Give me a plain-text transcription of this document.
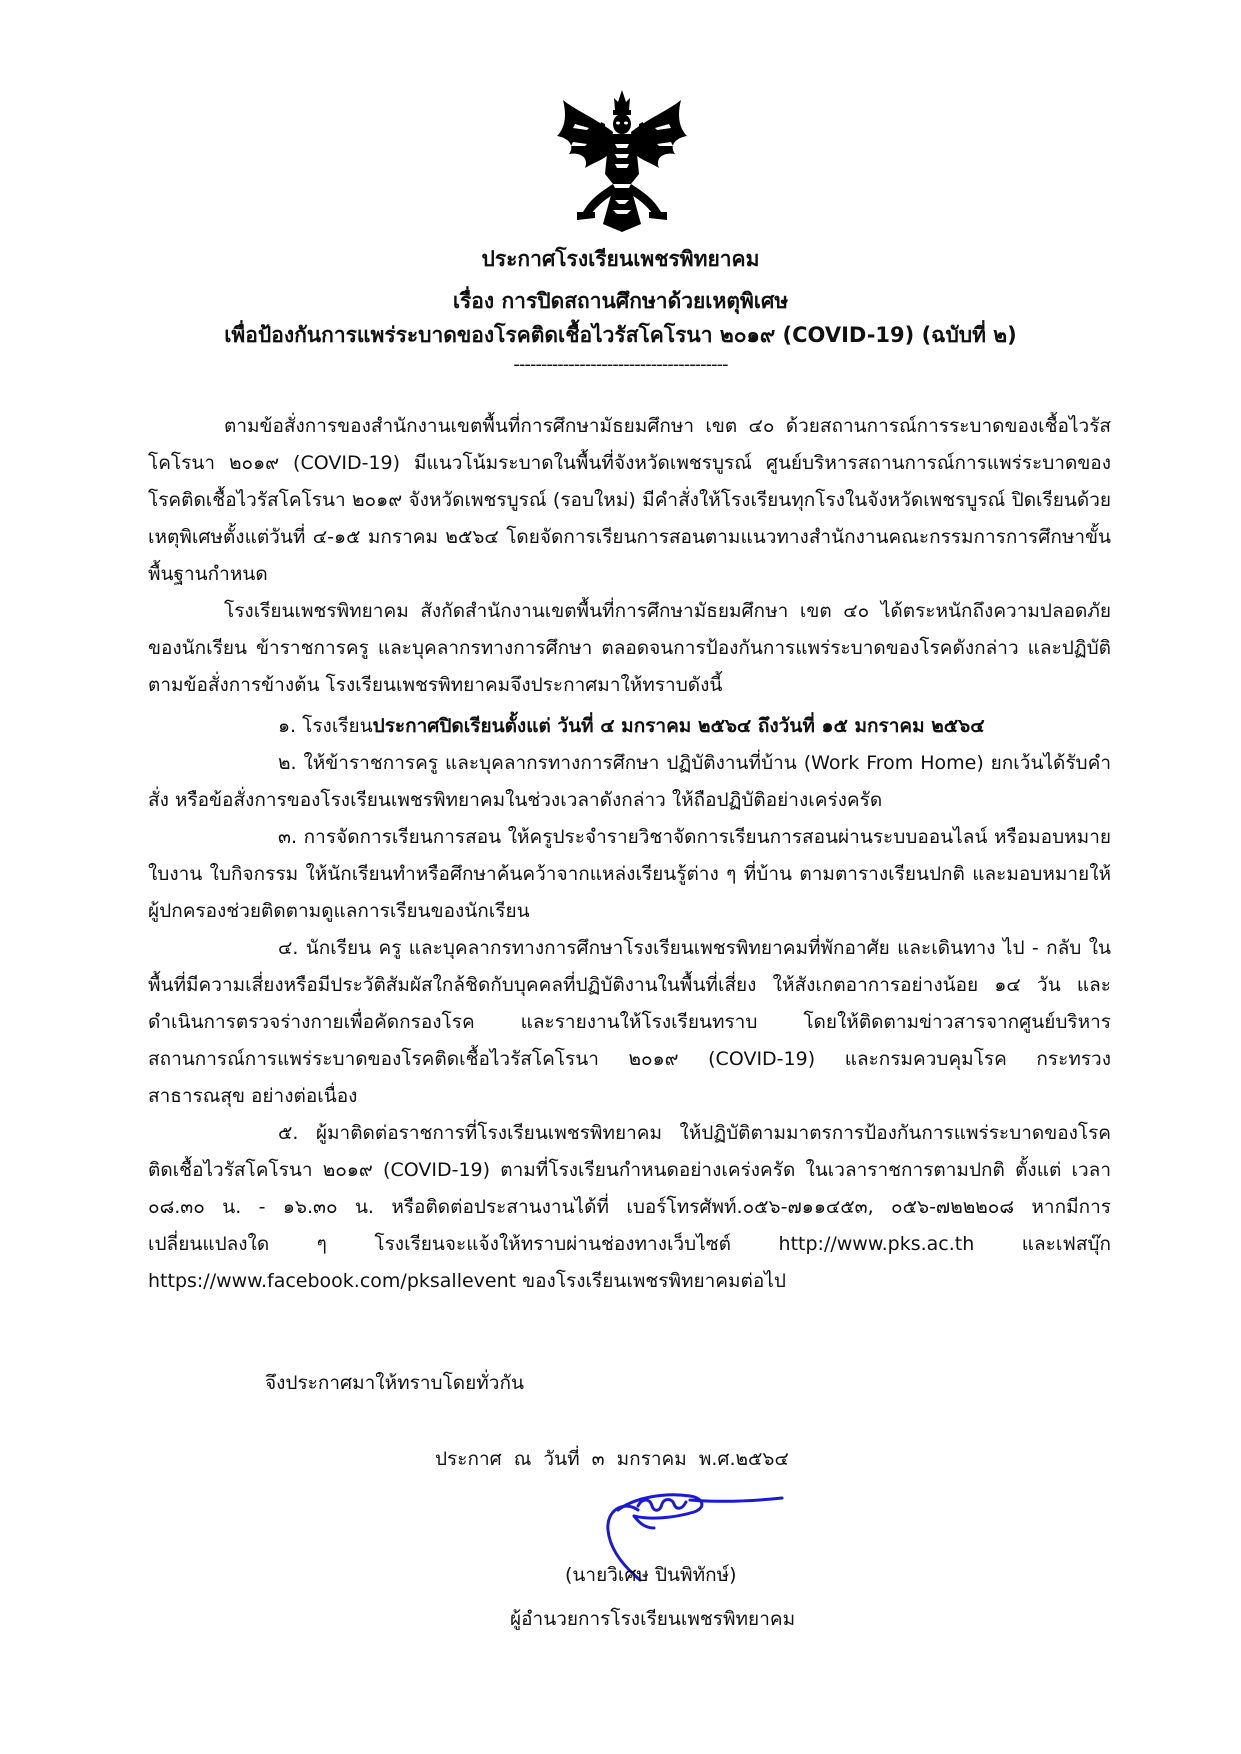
ประกาศโรงเรียนเพชรพิทยาคม
เรื่อง การปิดสถานศึกษาด้วยเหตุพิเศษ
เพื่อป้องกันการแพร่ระบาดของโรคติดเชื้อไวรัสโคโรนา ๒๐๑๙ (COVID-19) (ฉบับที่ ๒)
---------------------------------------

ตามข้อสั่งการของสำนักงานเขตพื้นที่การศึกษามัธยมศึกษา เขต ๔๐ ด้วยสถานการณ์การระบาดของเชื้อไวรัสโคโรนา ๒๐๑๙ (COVID-19) มีแนวโน้มระบาดในพื้นที่จังหวัดเพชรบูรณ์ ศูนย์บริหารสถานการณ์การแพร่ระบาดของโรคติดเชื้อไวรัสโคโรนา ๒๐๑๙ จังหวัดเพชรบูรณ์ (รอบใหม่) มีคำสั่งให้โรงเรียนทุกโรงในจังหวัดเพชรบูรณ์ ปิดเรียนด้วยเหตุพิเศษตั้งแต่วันที่ ๔-๑๕ มกราคม ๒๕๖๔ โดยจัดการเรียนการสอนตามแนวทางสำนักงานคณะกรรมการการศึกษาขั้นพื้นฐานกำหนด

โรงเรียนเพชรพิทยาคม สังกัดสำนักงานเขตพื้นที่การศึกษามัธยมศึกษา เขต ๔๐ ได้ตระหนักถึงความปลอดภัยของนักเรียน ข้าราชการครู และบุคลากรทางการศึกษา ตลอดจนการป้องกันการแพร่ระบาดของโรคดังกล่าว และปฏิบัติตามข้อสั่งการข้างต้น โรงเรียนเพชรพิทยาคมจึงประกาศมาให้ทราบดังนี้

๑. โรงเรียนประกาศปิดเรียนตั้งแต่ วันที่ ๔ มกราคม ๒๕๖๔ ถึงวันที่ ๑๕ มกราคม ๒๕๖๔

๒. ให้ข้าราชการครู และบุคลากรทางการศึกษา ปฏิบัติงานที่บ้าน (Work From Home) ยกเว้นได้รับคำสั่ง หรือข้อสั่งการของโรงเรียนเพชรพิทยาคมในช่วงเวลาดังกล่าว ให้ถือปฏิบัติอย่างเคร่งครัด

๓. การจัดการเรียนการสอน ให้ครูประจำรายวิชาจัดการเรียนการสอนผ่านระบบออนไลน์ หรือมอบหมายใบงาน ใบกิจกรรม ให้นักเรียนทำหรือศึกษาค้นคว้าจากแหล่งเรียนรู้ต่าง ๆ ที่บ้าน ตามตารางเรียนปกติ และมอบหมายให้ผู้ปกครองช่วยติดตามดูแลการเรียนของนักเรียน

๔. นักเรียน ครู และบุคลากรทางการศึกษาโรงเรียนเพชรพิทยาคมที่พักอาศัย และเดินทาง ไป - กลับ ในพื้นที่มีความเสี่ยงหรือมีประวัติสัมผัสใกล้ชิดกับบุคคลที่ปฏิบัติงานในพื้นที่เสี่ยง ให้สังเกตอาการอย่างน้อย ๑๔ วัน และดำเนินการตรวจร่างกายเพื่อคัดกรองโรค และรายงานให้โรงเรียนทราบ โดยให้ติดตามข่าวสารจากศูนย์บริหารสถานการณ์การแพร่ระบาดของโรคติดเชื้อไวรัสโคโรนา ๒๐๑๙ (COVID-19) และกรมควบคุมโรค กระทรวงสาธารณสุข อย่างต่อเนื่อง

๕. ผู้มาติดต่อราชการที่โรงเรียนเพชรพิทยาคม ให้ปฏิบัติตามมาตรการป้องกันการแพร่ระบาดของโรคติดเชื้อไวรัสโคโรนา ๒๐๑๙ (COVID-19) ตามที่โรงเรียนกำหนดอย่างเคร่งครัด ในเวลาราชการตามปกติ ตั้งแต่ เวลา ๐๘.๓๐ น. - ๑๖.๓๐ น. หรือติดต่อประสานงานได้ที่ เบอร์โทรศัพท์.๐๕๖-๗๑๑๔๕๓, ๐๕๖-๗๒๒๒๐๘ หากมีการเปลี่ยนแปลงใด ๆ โรงเรียนจะแจ้งให้ทราบผ่านช่องทางเว็บไซต์ http://www.pks.ac.th และเฟสบุ๊ก https://www.facebook.com/pksallevent ของโรงเรียนเพชรพิทยาคมต่อไป

จึงประกาศมาให้ทราบโดยทั่วกัน
ประกาศ ณ วันที่ ๓ มกราคม พ.ศ.๒๕๖๔
(นายวิเศษ ปินพิทักษ์)
ผู้อำนวยการโรงเรียนเพชรพิทยาคม
